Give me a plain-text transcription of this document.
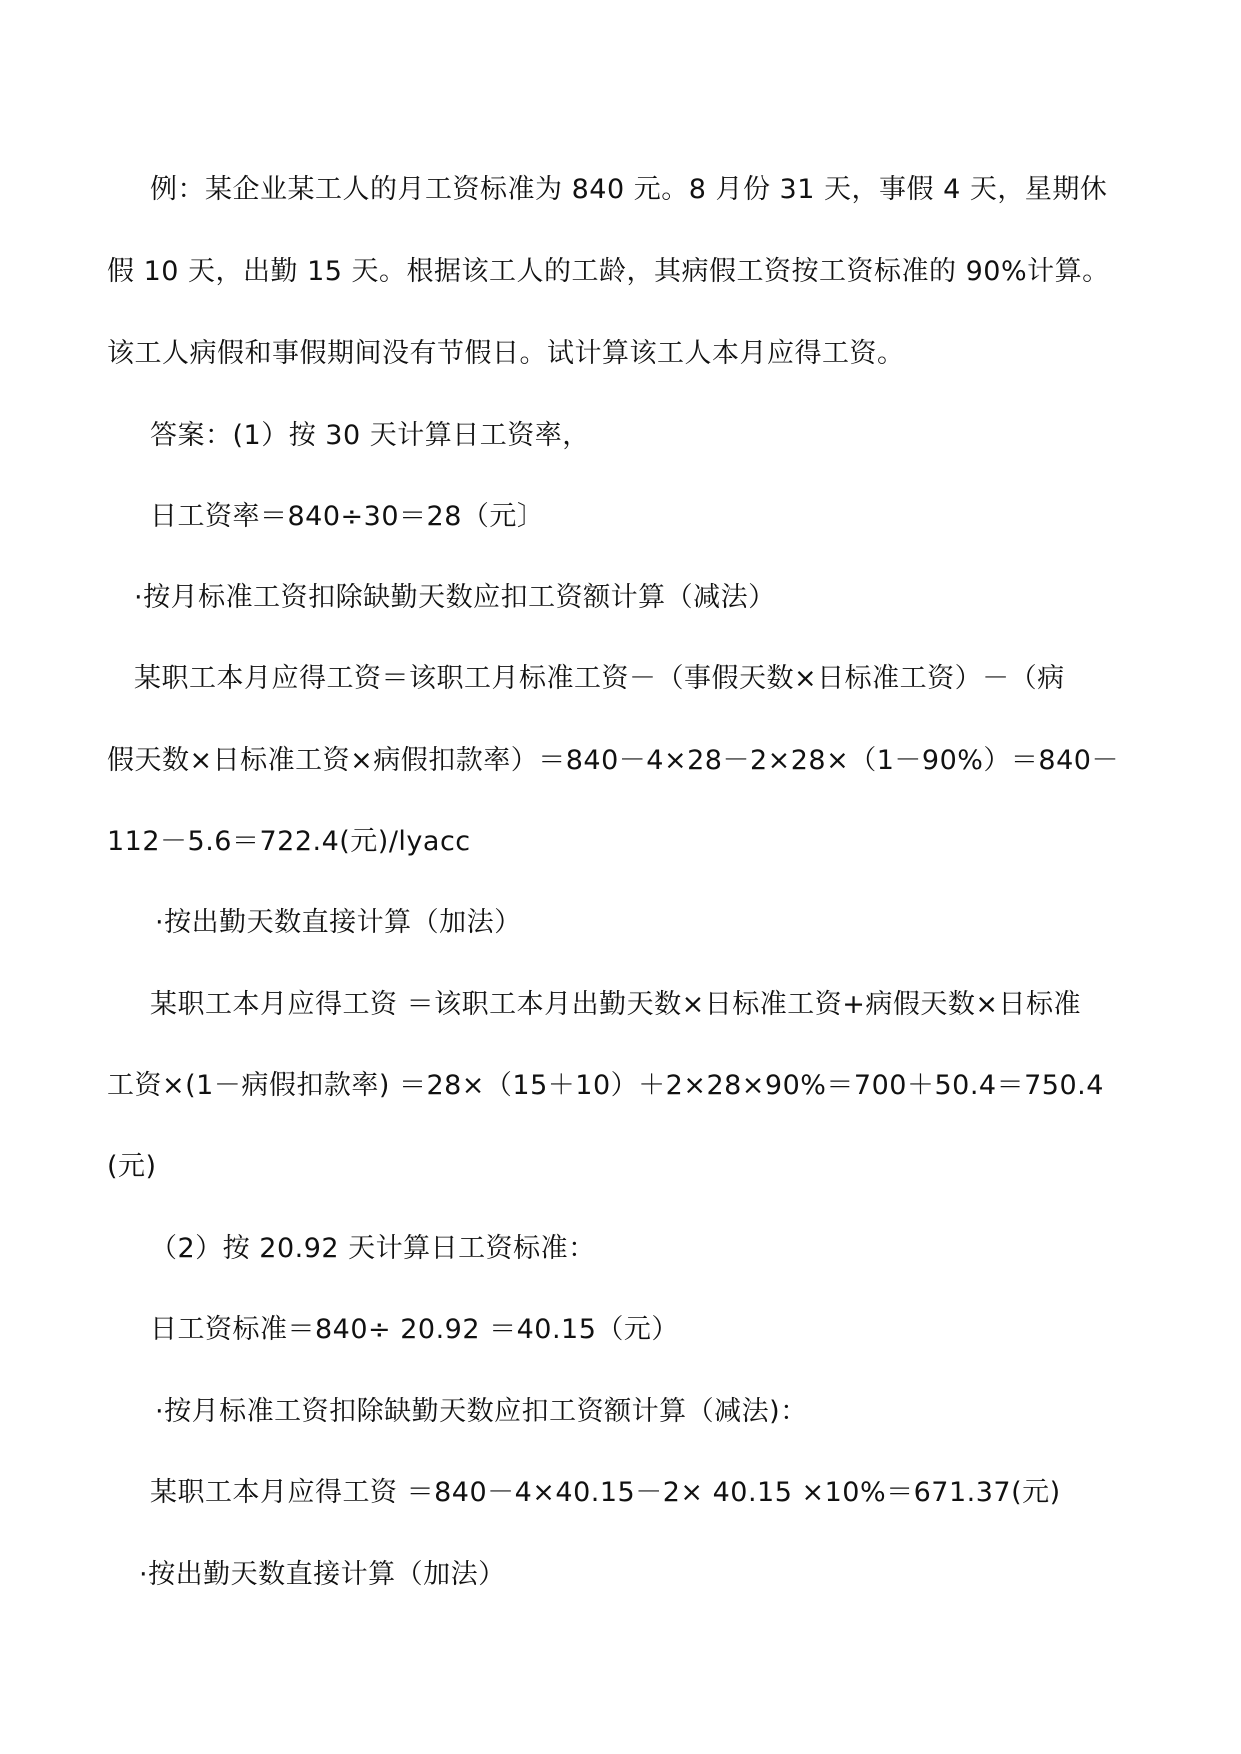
例：某企业某工人的月工资标准为 840 元。8 月份 31 天，事假 4 天，星期休
假 10 天，出勤 15 天。根据该工人的工龄，其病假工资按工资标准的 90%计算。
该工人病假和事假期间没有节假日。试计算该工人本月应得工资。
答案：(1）按 30 天计算日工资率，
日工资率＝840÷30＝28（元〕
·按月标准工资扣除缺勤天数应扣工资额计算（减法）
某职工本月应得工资＝该职工月标准工资－（事假天数×日标准工资）－（病
假天数×日标准工资×病假扣款率）＝840－4×28－2×28×（1－90%）＝840－
112－5.6＝722.4(元)/lyacc
·按出勤天数直接计算（加法）
某职工本月应得工资 ＝该职工本月出勤天数×日标准工资+病假天数×日标准
工资×(1－病假扣款率) ＝28×（15＋10）＋2×28×90%＝700＋50.4＝750.4
(元)
（2）按 20.92 天计算日工资标准：
日工资标准＝840÷ 20.92 ＝40.15（元）
·按月标准工资扣除缺勤天数应扣工资额计算（减法)：
某职工本月应得工资 ＝840－4×40.15－2× 40.15 ×10%＝671.37(元)
·按出勤天数直接计算（加法）
